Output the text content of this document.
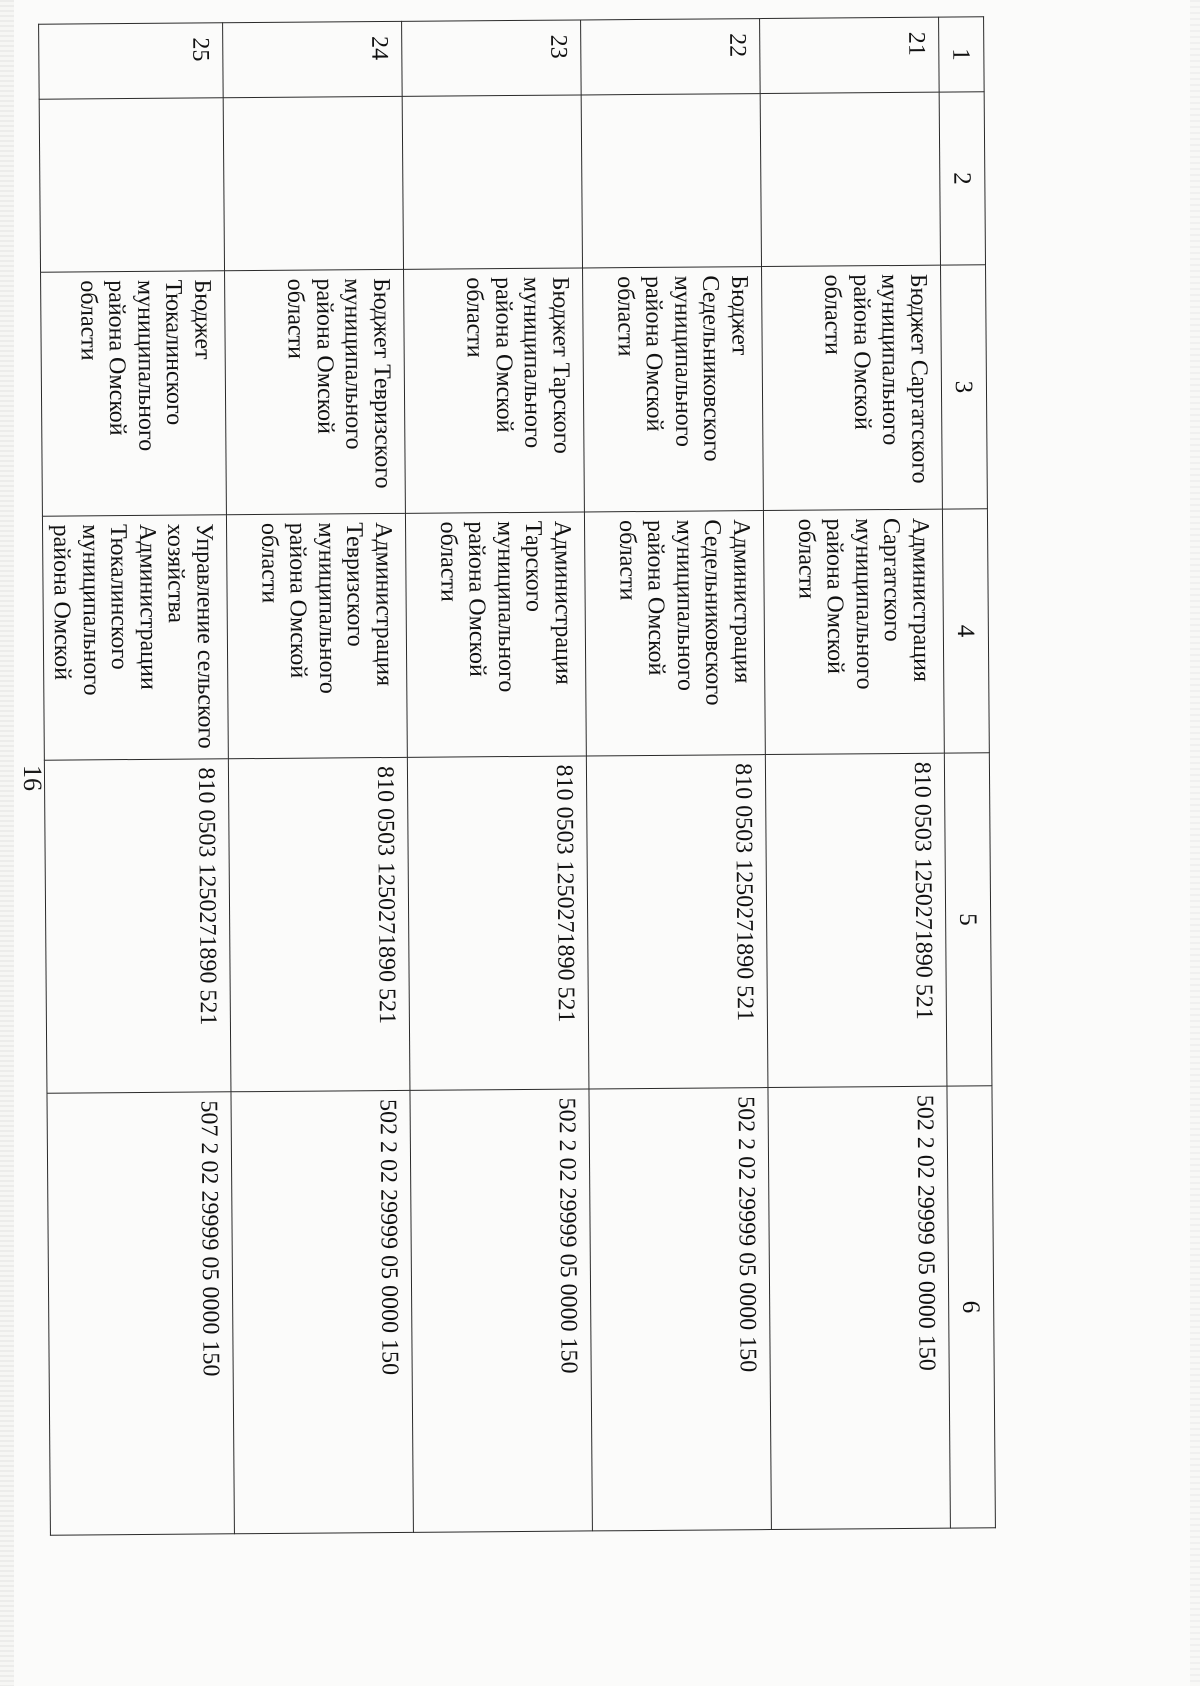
16
1	2	3	4	5	6
21		Бюджет Саргатского муниципального района Омской области	Администрация Саргатского муниципального района Омской области	810 0503 1250271890 521	502 2 02 29999 05 0000 150
22		Бюджет Седельниковского муниципального района Омской области	Администрация Седельниковского муниципального района Омской области	810 0503 1250271890 521	502 2 02 29999 05 0000 150
23		Бюджет Тарского муниципального района Омской области	Администрация Тарского муниципального района Омской области	810 0503 1250271890 521	502 2 02 29999 05 0000 150
24		Бюджет Тевризского муниципального района Омской области	Администрация Тевризского муниципального района Омской области	810 0503 1250271890 521	502 2 02 29999 05 0000 150
25		Бюджет Тюкалинского муниципального района Омской области	Управление сельского хозяйства Администрации Тюкалинского муниципального района Омской	810 0503 1250271890 521	507 2 02 29999 05 0000 150
